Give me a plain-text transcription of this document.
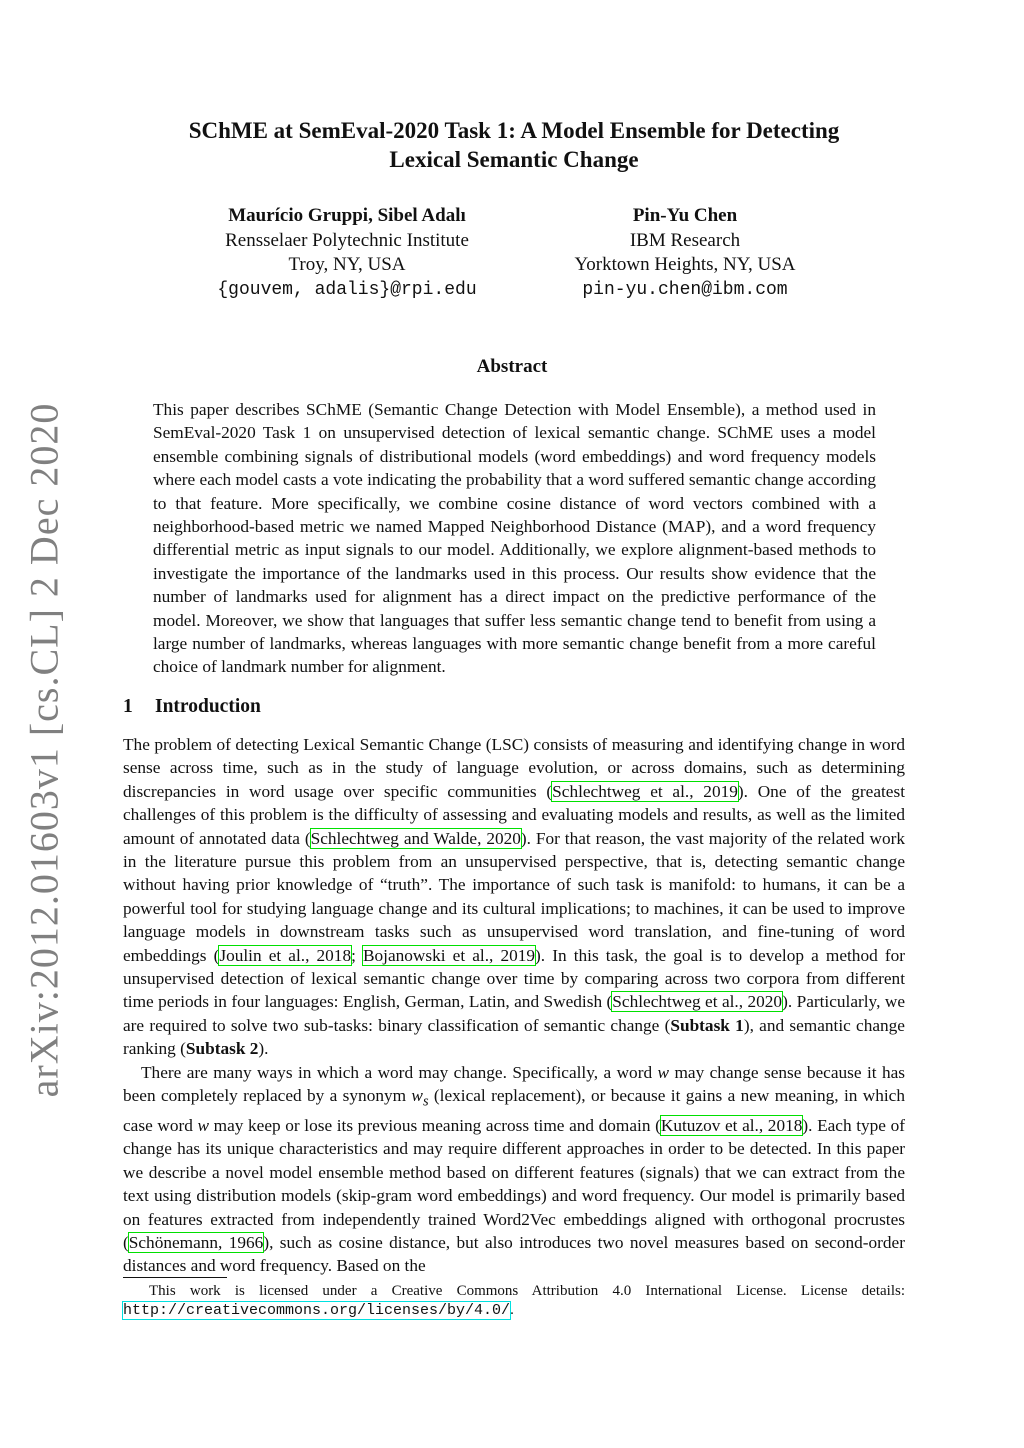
arXiv:2012.01603v1 [cs.CL] 2 Dec 2020
SChME at SemEval-2020 Task 1: A Model Ensemble for Detecting
Lexical Semantic Change
Maurício Gruppi, Sibel Adalı
Rensselaer Polytechnic Institute
Troy, NY, USA
{gouvem, adalis}@rpi.edu
Pin-Yu Chen
IBM Research
Yorktown Heights, NY, USA
pin-yu.chen@ibm.com
Abstract

This paper describes SChME (Semantic Change Detection with Model Ensemble), a method used in SemEval-2020 Task 1 on unsupervised detection of lexical semantic change. SChME uses a model ensemble combining signals of distributional models (word embeddings) and word frequency models where each model casts a vote indicating the probability that a word suffered semantic change according to that feature. More specifically, we combine cosine distance of word vectors combined with a neighborhood-based metric we named Mapped Neighborhood Distance (MAP), and a word frequency differential metric as input signals to our model. Additionally, we explore alignment-based methods to investigate the importance of the landmarks used in this process. Our results show evidence that the number of landmarks used for alignment has a direct impact on the predictive performance of the model. Moreover, we show that languages that suffer less semantic change tend to benefit from using a large number of landmarks, whereas languages with more semantic change benefit from a more careful choice of landmark number for alignment.

1 Introduction

The problem of detecting Lexical Semantic Change (LSC) consists of measuring and identifying change in word sense across time, such as in the study of language evolution, or across domains, such as determining discrepancies in word usage over specific communities (Schlechtweg et al., 2019). One of the greatest challenges of this problem is the difficulty of assessing and evaluating models and results, as well as the limited amount of annotated data (Schlechtweg and Walde, 2020). For that reason, the vast majority of the related work in the literature pursue this problem from an unsupervised perspective, that is, detecting semantic change without having prior knowledge of “truth”. The importance of such task is manifold: to humans, it can be a powerful tool for studying language change and its cultural implications; to machines, it can be used to improve language models in downstream tasks such as unsupervised word translation, and fine-tuning of word embeddings (Joulin et al., 2018; Bojanowski et al., 2019). In this task, the goal is to develop a method for unsupervised detection of lexical semantic change over time by comparing across two corpora from different time periods in four languages: English, German, Latin, and Swedish (Schlechtweg et al., 2020). Particularly, we are required to solve two sub-tasks: binary classification of semantic change (Subtask 1), and semantic change ranking (Subtask 2).

There are many ways in which a word may change. Specifically, a word w may change sense because it has been completely replaced by a synonym $w_s$ (lexical replacement), or because it gains a new meaning, in which case word w may keep or lose its previous meaning across time and domain (Kutuzov et al., 2018). Each type of change has its unique characteristics and may require different approaches in order to be detected. In this paper we describe a novel model ensemble method based on different features (signals) that we can extract from the text using distribution models (skip-gram word embeddings) and word frequency. Our model is primarily based on features extracted from independently trained Word2Vec embeddings aligned with orthogonal procrustes (Schönemann, 1966), such as cosine distance, but also introduces two novel measures based on second-order distances and word frequency. Based on the

This work is licensed under a Creative Commons Attribution 4.0 International License. License details: http://creativecommons.org/licenses/by/4.0/.
